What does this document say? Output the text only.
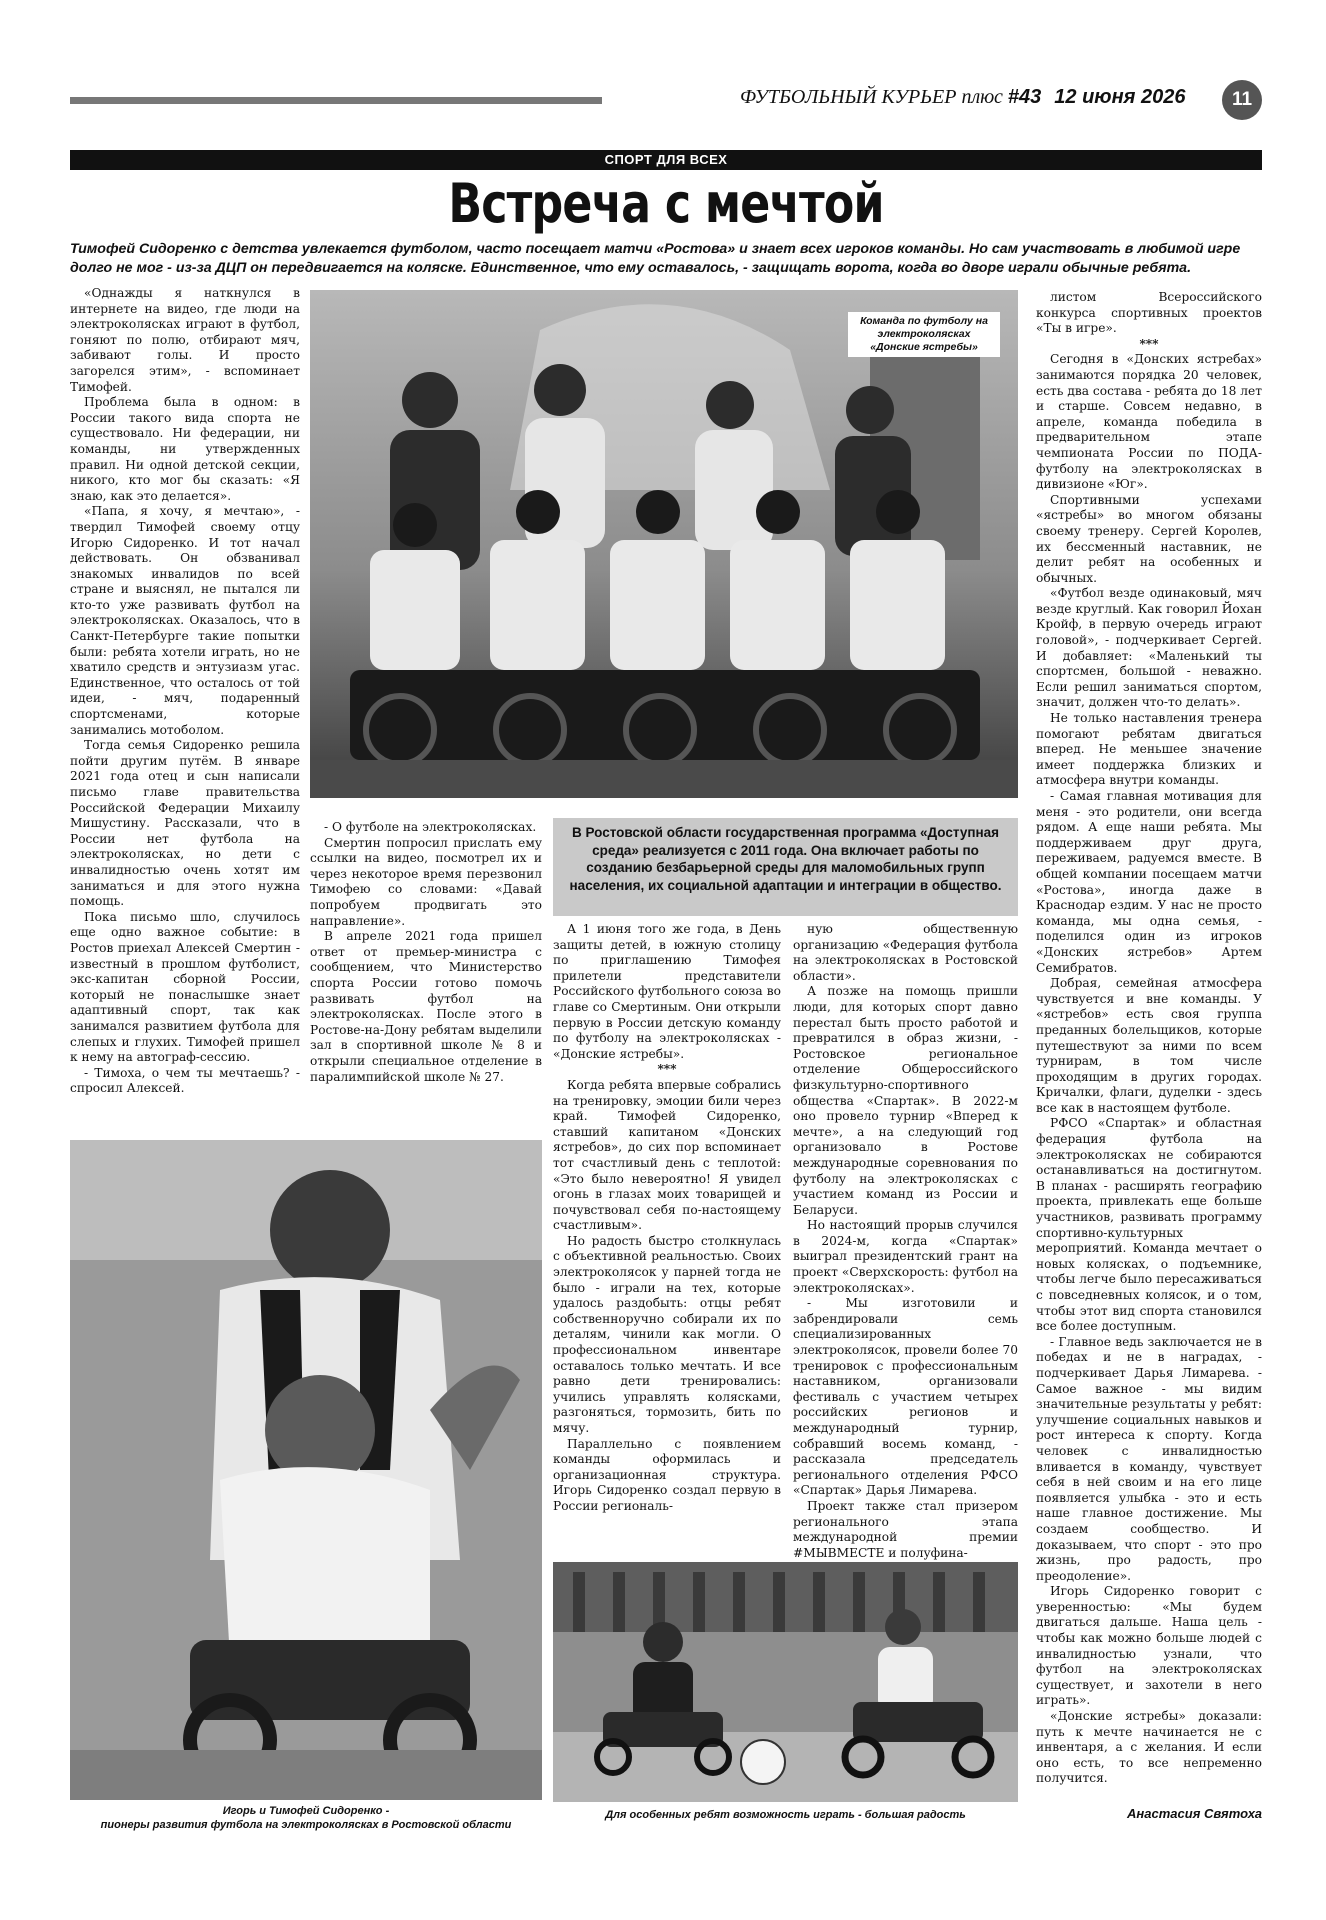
ФУТБОЛЬНЫЙ КУРЬЕР плюс #43 12 июня 2026	11
СПОРТ ДЛЯ ВСЕХ
Встреча с мечтой
Тимофей Сидоренко с детства увлекается футболом, часто посещает матчи «Ростова» и знает всех игроков команды. Но сам участвовать в любимой игре долго не мог - из-за ДЦП он передвигается на коляске. Единственное, что ему оставалось, - защищать ворота, когда во дворе играли обычные ребята.

«Однажды я наткнулся в интернете на видео, где люди на электроколясках играют в футбол, гоняют по полю, отбирают мяч, забивают голы. И просто загорелся этим», - вспоминает Тимофей.

Проблема была в одном: в России такого вида спорта не существовало. Ни федерации, ни команды, ни утвержденных правил. Ни одной детской секции, никого, кто мог бы сказать: «Я знаю, как это делается».

«Папа, я хочу, я мечтаю», - твердил Тимофей своему отцу Игорю Сидоренко. И тот начал действовать. Он обзванивал знакомых инвалидов по всей стране и выяснял, не пытался ли кто-то уже развивать футбол на электроколясках. Оказалось, что в Санкт-Петербурге такие попытки были: ребята хотели играть, но не хватило средств и энтузиазм угас. Единственное, что осталось от той идеи, - мяч, подаренный спортсменами, которые занимались мотоболом.

Тогда семья Сидоренко решила пойти другим путём. В январе 2021 года отец и сын написали письмо главе правительства Российской Федерации Михаилу Мишустину. Рассказали, что в России нет футбола на электроколясках, но дети с инвалидностью очень хотят им заниматься и для этого нужна помощь.

Пока письмо шло, случилось еще одно важное событие: в Ростов приехал Алексей Смертин - известный в прошлом футболист, экс-капитан сборной России, который не понаслышке знает адаптивный спорт, так как занимался развитием футбола для слепых и глухих. Тимофей пришел к нему на автограф-сессию.

- Тимоха, о чем ты мечтаешь? - спросил Алексей.

Команда по футболу на электроколясках «Донские ястребы»

- О футболе на электроколясках.

Смертин попросил прислать ему ссылки на видео, посмотрел их и через некоторое время перезвонил Тимофею со словами: «Давай попробуем продвигать это направление».

В апреле 2021 года пришел ответ от премьер-министра с сообщением, что Министерство спорта России готово помочь развивать футбол на электроколясках. После этого в Ростове-на-Дону ребятам выделили зал в спортивной школе № 8 и открыли специальное отделение в паралимпийской школе № 27.

В Ростовской области государственная программа «Доступная среда» реализуется с 2011 года. Она включает работы по созданию безбарьерной среды для маломобильных групп населения, их социальной адаптации и интеграции в общество.

А 1 июня того же года, в День защиты детей, в южную столицу по приглашению Тимофея прилетели представители Российского футбольного союза во главе со Смертиным. Они открыли первую в России детскую команду по футболу на электроколясках - «Донские ястребы».

***

Когда ребята впервые собрались на тренировку, эмоции били через край. Тимофей Сидоренко, ставший капитаном «Донских ястребов», до сих пор вспоминает тот счастливый день с теплотой: «Это было невероятно! Я увидел огонь в глазах моих товарищей и почувствовал себя по-настоящему счастливым».

Но радость быстро столкнулась с объективной реальностью. Своих электроколясок у парней тогда не было - играли на тех, которые удалось раздобыть: отцы ребят собственноручно собирали их по деталям, чинили как могли. О профессиональном инвентаре оставалось только мечтать. И все равно дети тренировались: учились управлять колясками, разгоняться, тормозить, бить по мячу.

Параллельно с появлением команды оформилась и организационная структура. Игорь Сидоренко создал первую в России региональ-

ную общественную организацию «Федерация футбола на электроколясках в Ростовской области».

А позже на помощь пришли люди, для которых спорт давно перестал быть просто работой и превратился в образ жизни, - Ростовское региональное отделение Общероссийского физкультурно-спортивного общества «Спартак». В 2022-м оно провело турнир «Вперед к мечте», а на следующий год организовало в Ростове международные соревнования по футболу на электроколясках с участием команд из России и Беларуси.

Но настоящий прорыв случился в 2024-м, когда «Спартак» выиграл президентский грант на проект «Сверхскорость: футбол на электроколясках».

- Мы изготовили и забрендировали семь специализированных электроколясок, провели более 70 тренировок с профессиональным наставником, организовали фестиваль с участием четырех российских регионов и международный турнир, собравший восемь команд, - рассказала председатель регионального отделения РФСО «Спартак» Дарья Лимарева.

Проект также стал призером регионального этапа международной премии #МЫВМЕСТЕ и полуфина-

Игорь и Тимофей Сидоренко -
пионеры развития футбола на электроколясках в Ростовской области
Для особенных ребят возможность играть - большая радость

листом Всероссийского конкурса спортивных проектов «Ты в игре».

***

Сегодня в «Донских ястребах» занимаются порядка 20 человек, есть два состава - ребята до 18 лет и старше. Совсем недавно, в апреле, команда победила в предварительном этапе чемпионата России по ПОДА-футболу на электроколясках в дивизионе «Юг».

Спортивными успехами «ястребы» во многом обязаны своему тренеру. Сергей Королев, их бессменный наставник, не делит ребят на особенных и обычных.

«Футбол везде одинаковый, мяч везде круглый. Как говорил Йохан Кройф, в первую очередь играют головой», - подчеркивает Сергей. И добавляет: «Маленький ты спортсмен, большой - неважно. Если решил заниматься спортом, значит, должен что-то делать».

Не только наставления тренера помогают ребятам двигаться вперед. Не меньшее значение имеет поддержка близких и атмосфера внутри команды.

- Самая главная мотивация для меня - это родители, они всегда рядом. А еще наши ребята. Мы поддерживаем друг друга, переживаем, радуемся вместе. В общей компании посещаем матчи «Ростова», иногда даже в Краснодар ездим. У нас не просто команда, мы одна семья, - поделился один из игроков «Донских ястребов» Артем Семибратов.

Добрая, семейная атмосфера чувствуется и вне команды. У «ястребов» есть своя группа преданных болельщиков, которые путешествуют за ними по всем турнирам, в том числе проходящим в других городах. Кричалки, флаги, дуделки - здесь все как в настоящем футболе.

РФСО «Спартак» и областная федерация футбола на электроколясках не собираются останавливаться на достигнутом. В планах - расширять географию проекта, привлекать еще больше участников, развивать программу спортивно-культурных мероприятий. Команда мечтает о новых колясках, о подъемнике, чтобы легче было пересаживаться с повседневных колясок, и о том, чтобы этот вид спорта становился все более доступным.

- Главное ведь заключается не в победах и не в наградах, - подчеркивает Дарья Лимарева. - Самое важное - мы видим значительные результаты у ребят: улучшение социальных навыков и рост интереса к спорту. Когда человек с инвалидностью вливается в команду, чувствует себя в ней своим и на его лице появляется улыбка - это и есть наше главное достижение. Мы создаем сообщество. И доказываем, что спорт - это про жизнь, про радость, про преодоление».

Игорь Сидоренко говорит с уверенностью: «Мы будем двигаться дальше. Наша цель - чтобы как можно больше людей с инвалидностью узнали, что футбол на электроколясках существует, и захотели в него играть».

«Донские ястребы» доказали: путь к мечте начинается не с инвентаря, а с желания. И если оно есть, то все непременно получится.

Анастасия Святоха
